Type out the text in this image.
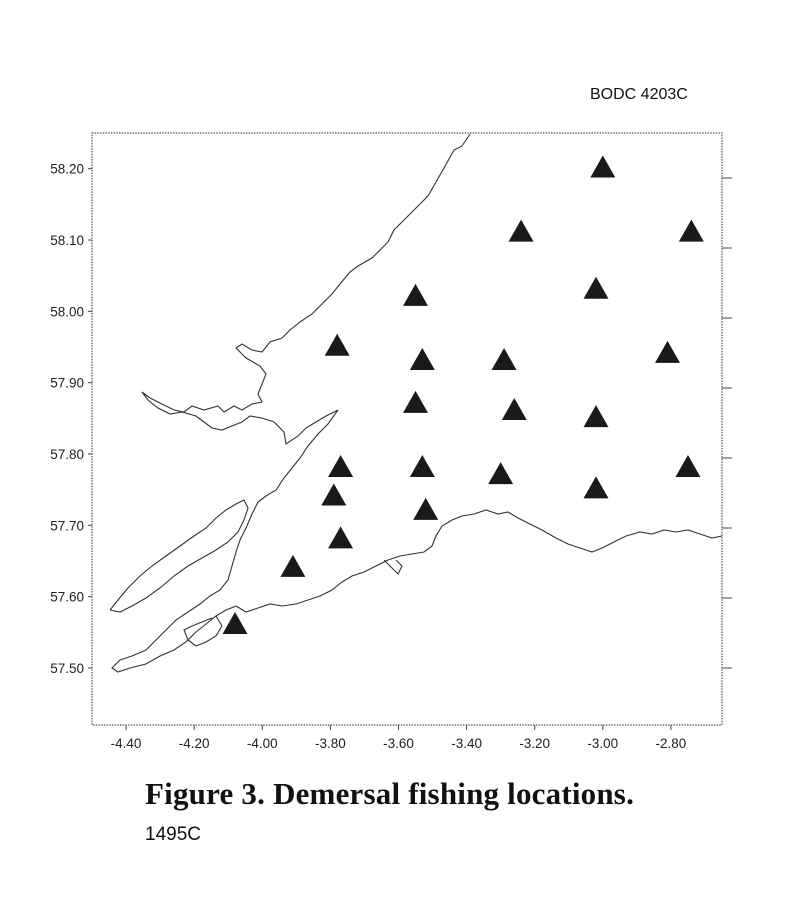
BODC 4203C
-4.40	-4.20	-4.00	-3.80	-3.60	-3.40	-3.20	-3.00	-2.80
58.20
58.10
58.00
57.90
57.80
57.70
57.60
57.50
Figure 3. Demersal fishing locations.
1495C
